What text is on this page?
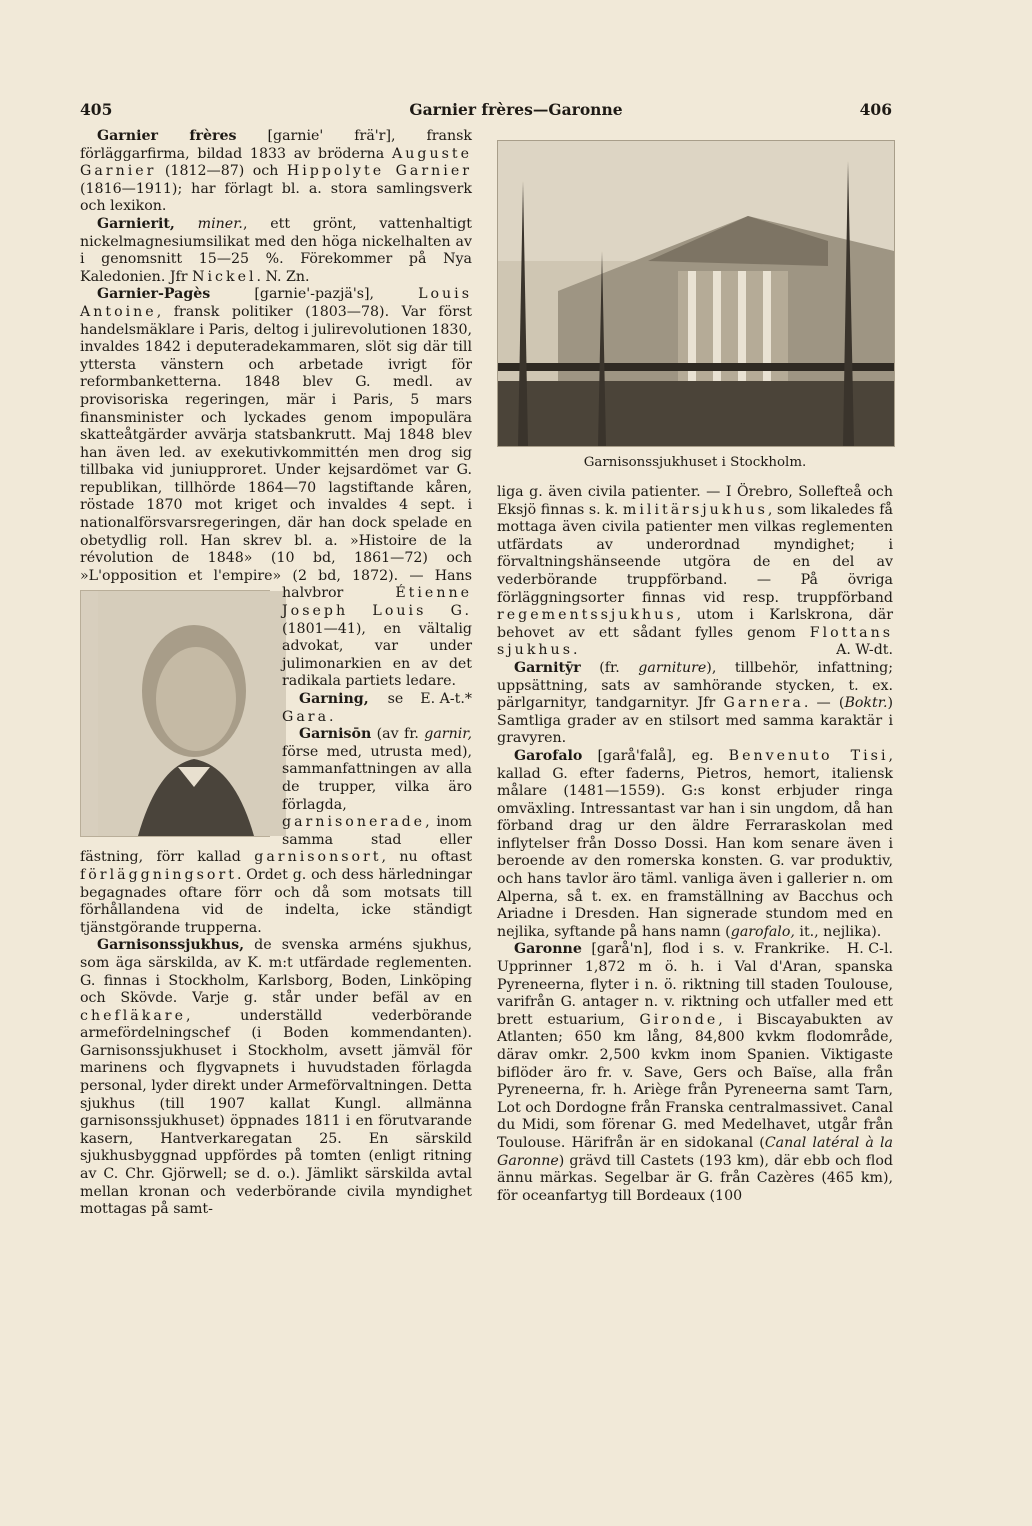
Garnier frères—Garonne
405	406

Garnier frères [garnie' frä'r], fransk förläggarfirma, bildad 1833 av bröderna Auguste Garnier (1812—87) och Hippolyte Garnier (1816—1911); har förlagt bl. a. stora samlingsverk och lexikon.

Garnierit, miner., ett grönt, vattenhaltigt nickelmagnesiumsilikat med den höga nickelhalten av i genomsnitt 15—25 %. Förekommer på Nya Kaledonien. Jfr Nickel. N. Zn.

Garnier-Pagès [garnie'-pazjä's], Louis Antoine, fransk politiker (1803—78). Var först handelsmäklare i Paris, deltog i julirevolutionen 1830, invaldes 1842 i deputeradekammaren, slöt sig där till yttersta vänstern och arbetade ivrigt för reformbanketterna. 1848 blev G. medl. av provisoriska regeringen, mär i Paris, 5 mars finansminister och lyckades genom impopulära skatteåtgärder avvärja statsbankrutt. Maj 1848 blev han även led. av exekutivkommittén men drog sig tillbaka vid juniupproret. Under kejsardömet var G. republikan, tillhörde 1864—70 lagstiftande kåren, röstade 1870 mot kriget och invaldes 4 sept. i nationalförsvarsregeringen, där han dock spelade en obetydlig roll. Han skrev bl. a. »Histoire de la révolution de 1848» (10 bd, 1861—72) och »L'opposition et l'empire» (2 bd, 1872). — Hans halvbror
Étienne Joseph Louis G. (1801—41), en vältalig advokat, var under julimonarkien en av det radikala partiets ledare.
E. A-t.*

Garning, se Gara.

Garnisōn (av fr. garnir, förse med, utrusta med), sammanfattningen av alla de trupper, vilka äro förlagda, garnisonerade, inom samma stad eller fästning, förr kallad garnisonsort, nu oftast förläggningsort. Ordet g. och dess härledningar begagnades oftare förr och då som motsats till förhållandena vid de indelta, icke ständigt tjänstgörande trupperna.

Garnisonssjukhus, de svenska arméns sjukhus, som äga särskilda, av K. m:t utfärdade reglementen. G. finnas i Stockholm, Karlsborg, Boden, Linköping och Skövde. Varje g. står under befäl av en chefläkare, underställd vederbörande armefördelningschef (i Boden kommendanten). Garnisonssjukhuset i Stockholm, avsett jämväl för marinens och flygvapnets i huvudstaden förlagda personal, lyder direkt under Armeförvaltningen. Detta sjukhus (till 1907 kallat Kungl. allmänna garnisonssjukhuset) öppnades 1811 i en förutvarande kasern, Hantverkaregatan 25. En särskild sjukhusbyggnad uppfördes på tomten (enligt ritning av C. Chr. Gjörwell; se d. o.). Jämlikt särskilda avtal mellan kronan och vederbörande civila myndighet mottagas på samt-

Garnisonssjukhuset i Stockholm.

liga g. även civila patienter. — I Örebro, Sollefteå och Eksjö finnas s. k. militärsjukhus, som likaledes få mottaga även civila patienter men vilkas reglementen utfärdats av underordnad myndighet; i förvaltningshänseende utgöra de en del av vederbörande truppförband. — På övriga förläggningsorter finnas vid resp. truppförband regementssjukhus, utom i Karlskrona, där behovet av ett sådant fylles genom Flottans sjukhus.	A. W-dt.

Garnitȳr (fr. garniture), tillbehör, infattning; uppsättning, sats av samhörande stycken, t. ex. pärlgarnityr, tandgarnityr. Jfr Garnera. — (Boktr.) Samtliga grader av en stilsort med samma karaktär i gravyren.

Garofalo [garå'falå], eg. Benvenuto Tisi, kallad G. efter faderns, Pietros, hemort, italiensk målare (1481—1559). G:s konst erbjuder ringa omväxling. Intressantast var han i sin ungdom, då han förband drag ur den äldre Ferraraskolan med inflytelser från Dosso Dossi. Han kom senare även i beroende av den romerska konsten. G. var produktiv, och hans tavlor äro täml. vanliga även i gallerier n. om Alperna, så t. ex. en framställning av Bacchus och Ariadne i Dresden. Han signerade stundom med en nejlika, syftande på hans namn (garofalo, it., nejlika).
H. C-l.

Garonne [garå'n], flod i s. v. Frankrike. Upprinner 1,872 m ö. h. i Val d'Aran, spanska Pyreneerna, flyter i n. ö. riktning till staden Toulouse, varifrån G. antager n. v. riktning och utfaller med ett brett estuarium, Gironde, i Biscayabukten av Atlanten; 650 km lång, 84,800 kvkm flodområde, därav omkr. 2,500 kvkm inom Spanien. Viktigaste biflöder äro fr. v. Save, Gers och Baïse, alla från Pyreneerna, fr. h. Ariège från Pyreneerna samt Tarn, Lot och Dordogne från Franska centralmassivet. Canal du Midi, som förenar G. med Medelhavet, utgår från Toulouse. Härifrån är en sidokanal (Canal latéral à la Garonne) grävd till Castets (193 km), där ebb och flod ännu märkas. Segelbar är G. från Cazères (465 km), för oceanfartyg till Bordeaux (100
